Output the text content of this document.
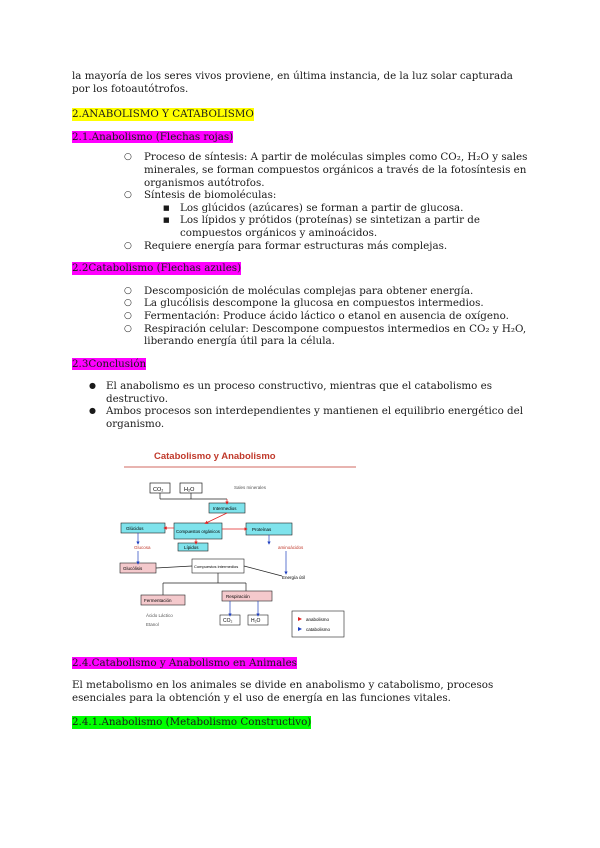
la mayoría de los seres vivos proviene, en última instancia, de la luz solar capturada por los fotoautótrofos.

2.ANABOLISMO Y CATABOLISMO

2.1.Anabolismo (Flechas rojas)

○ Proceso de síntesis: A partir de moléculas simples como CO₂, H₂O y sales minerales, se forman compuestos orgánicos a través de la fotosíntesis en organismos autótrofos.
○ Síntesis de biomoléculas:
■ Los glúcidos (azúcares) se forman a partir de glucosa.
■ Los lípidos y prótidos (proteínas) se sintetizan a partir de compuestos orgánicos y aminoácidos.
○ Requiere energía para formar estructuras más complejas.

2.2Catabolismo (Flechas azules)

○ Descomposición de moléculas complejas para obtener energía.
○ La glucólisis descompone la glucosa en compuestos intermedios.
○ Fermentación: Produce ácido láctico o etanol en ausencia de oxígeno.
○ Respiración celular: Descompone compuestos intermedios en CO₂ y H₂O, liberando energía útil para la célula.

2.3Conclusión

● El anabolismo es un proceso constructivo, mientras que el catabolismo es destructivo.
● Ambos procesos son interdependientes y mantienen el equilibrio energético del organismo.
Catabolismo y Anabolismo
CO₂	H₂O	Sales minerales
Intermedios
Compuestos orgánicos
Glúcidos	Proteínas
Lípidos
Glucosa	aminoácidos
Glucólisis	Compuestos intermedios
Energía útil
Fermentación
Respiración
Ácido Láctico
Etanol
CO₂	H₂O	anabolismo
catabolismo

2.4.Catabolismo y Anabolismo en Animales

El metabolismo en los animales se divide en anabolismo y catabolismo, procesos esenciales para la obtención y el uso de energía en las funciones vitales.

2.4.1.Anabolismo (Metabolismo Constructivo)
